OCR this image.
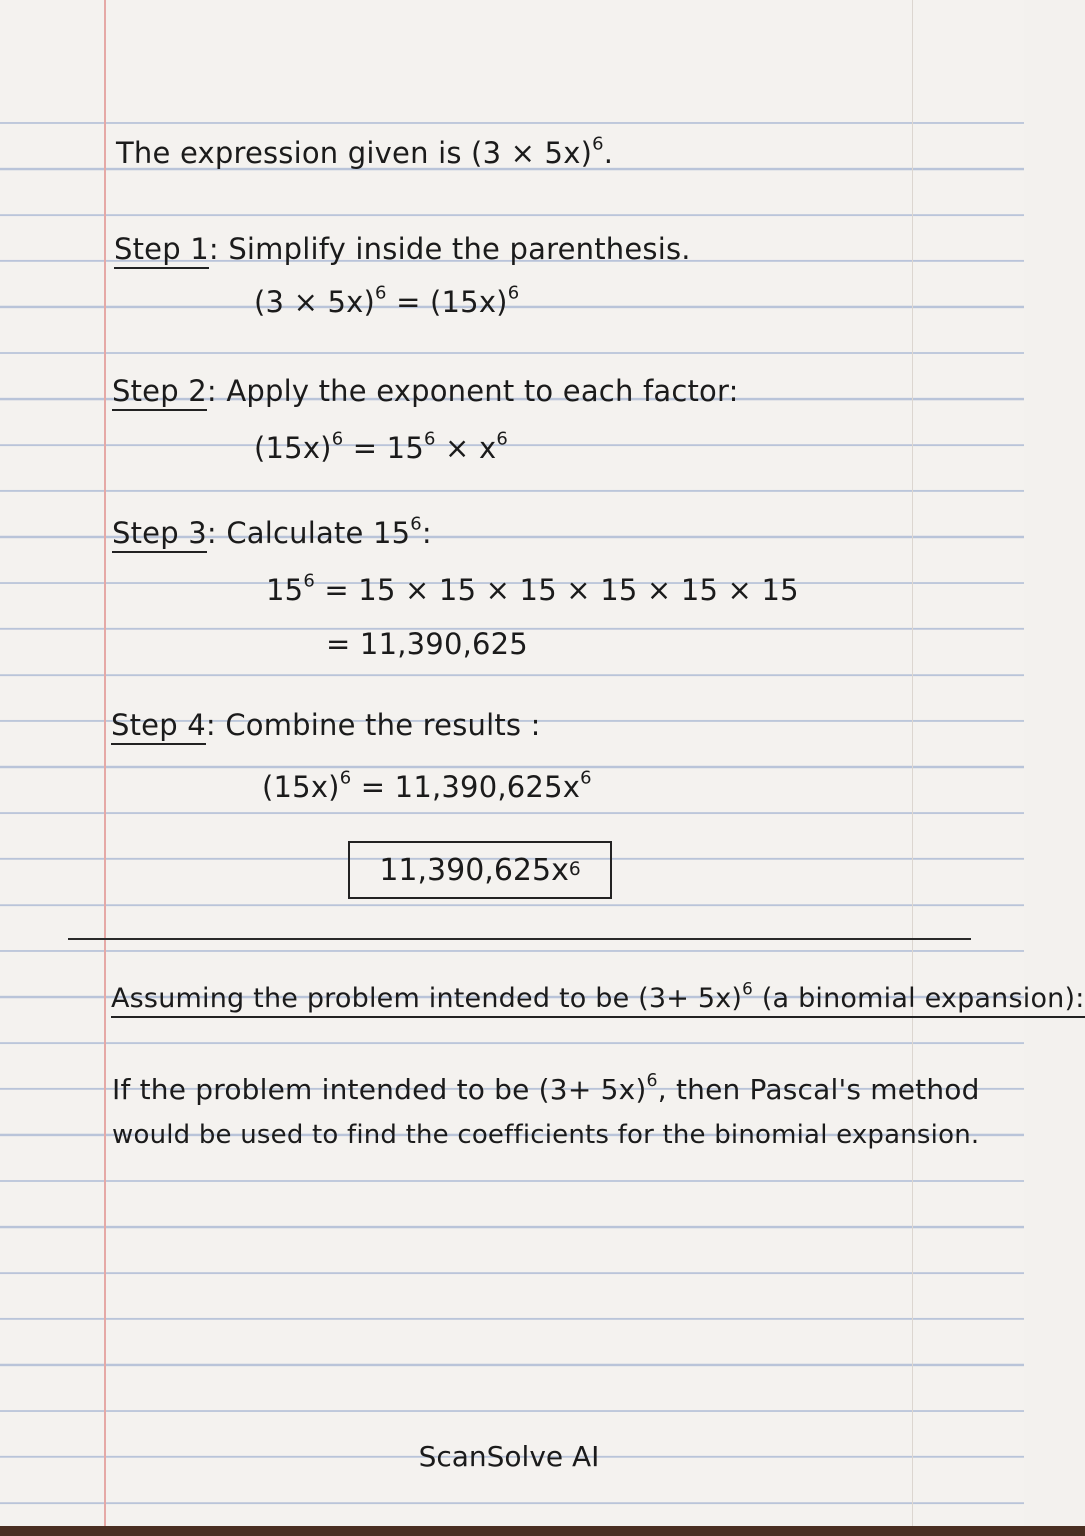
The expression given is $(3 \times 5x)^6$.
Step 1: Simplify inside the parenthesis.
$(3 \times 5x)^6 = (15x)^6$
Step 2: Apply the exponent to each factor:
$(15x)^6 = 15^6 \times x^6$
Step 3: Calculate $15^6$:
$15^6 = 15 \times 15 \times 15 \times 15 \times 15 \times 15$
= 11,390,625
Step 4: Combine the results :
$(15x)^6 = 11,390,625x^6$
11,390,625x 6
Assuming the problem intended to be $(3+ 5x)^6$ (a binomial expansion):
If the problem intended to be $(3+ 5x)^6$, then Pascal's method
would be used to find the coefficients for the binomial expansion.
ScanSolve AI
